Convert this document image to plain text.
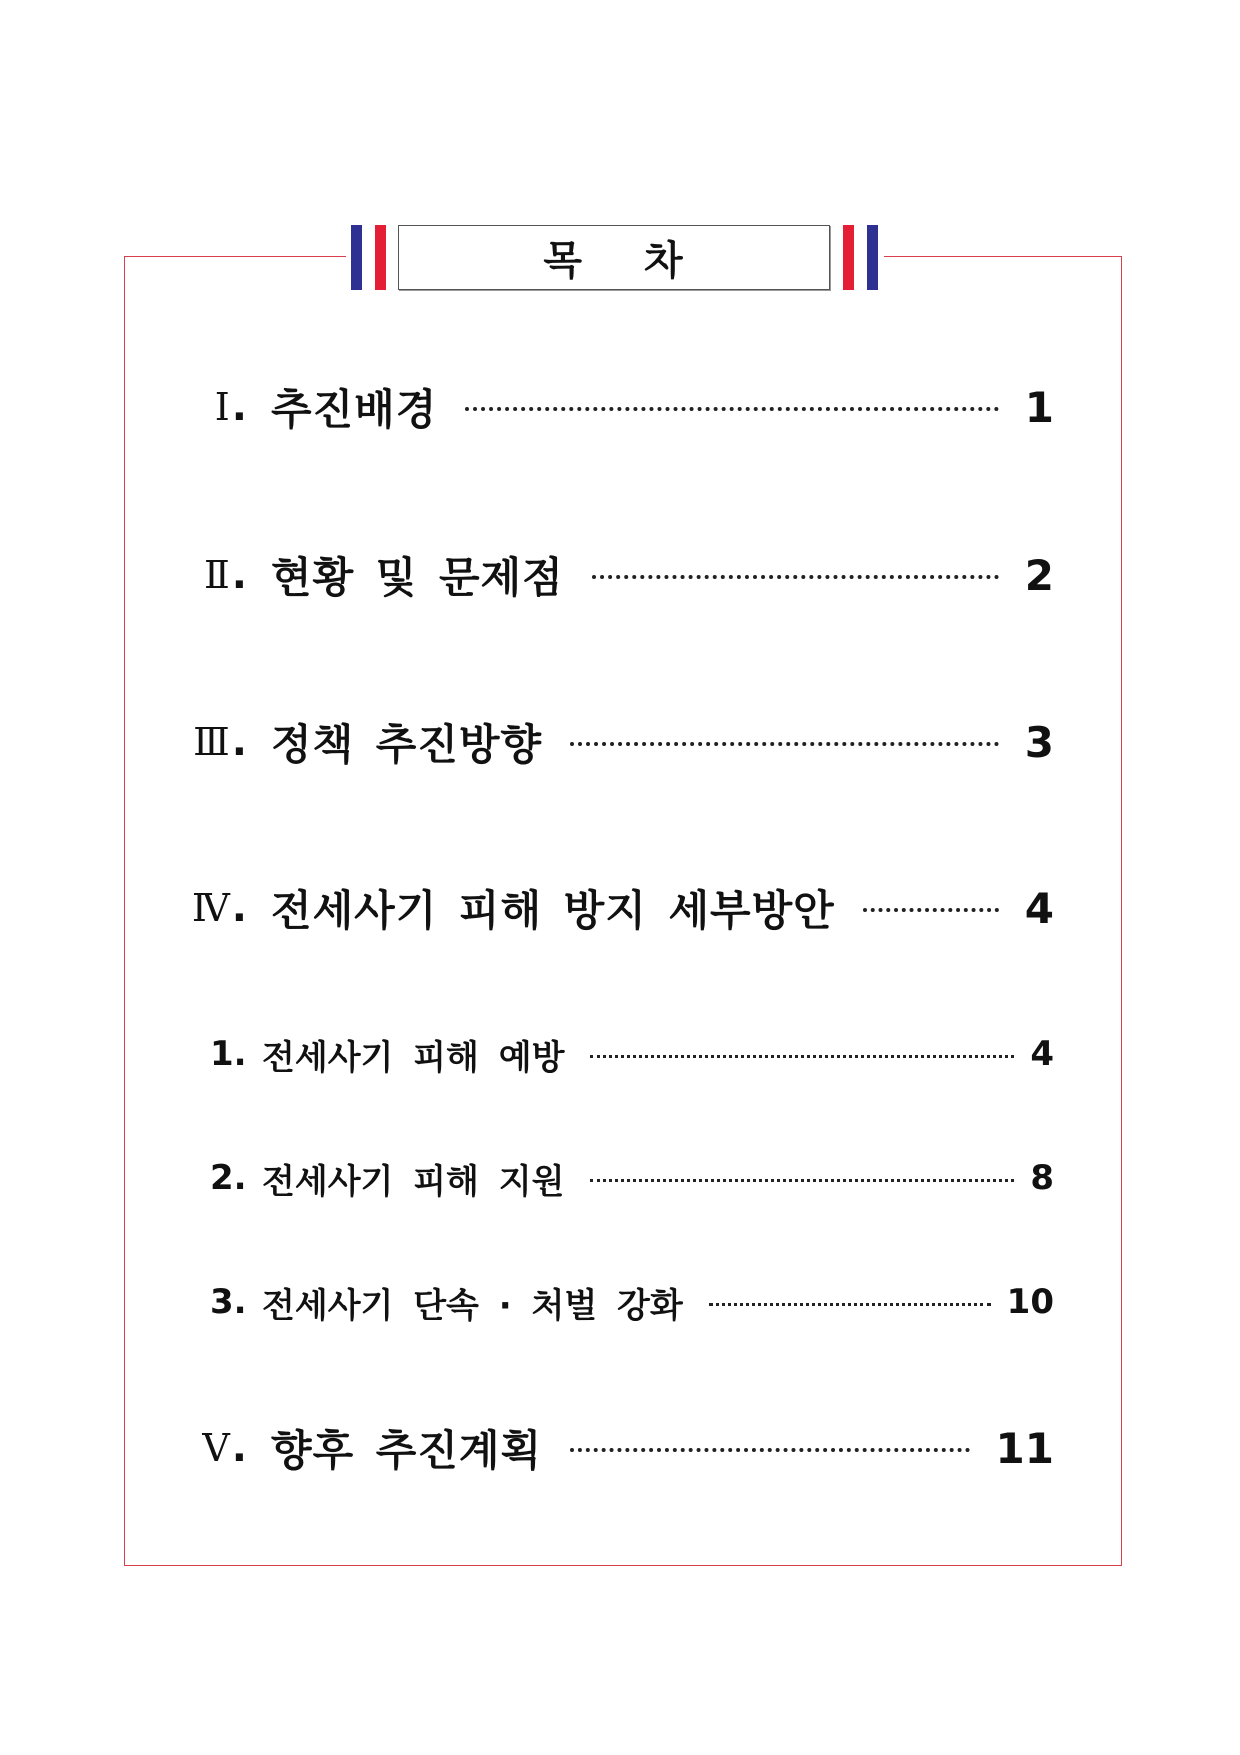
목 차
Ⅰ . 추진배경	1
Ⅱ . 현황 및 문제점	2
Ⅲ . 정책 추진방향	3
Ⅳ . 전세사기 피해 방지 세부방안	4
1. 전세사기 피해 예방	4
2. 전세사기 피해 지원	8
3. 전세사기 단속 · 처벌 강화	10
Ⅴ . 향후 추진계획	11
